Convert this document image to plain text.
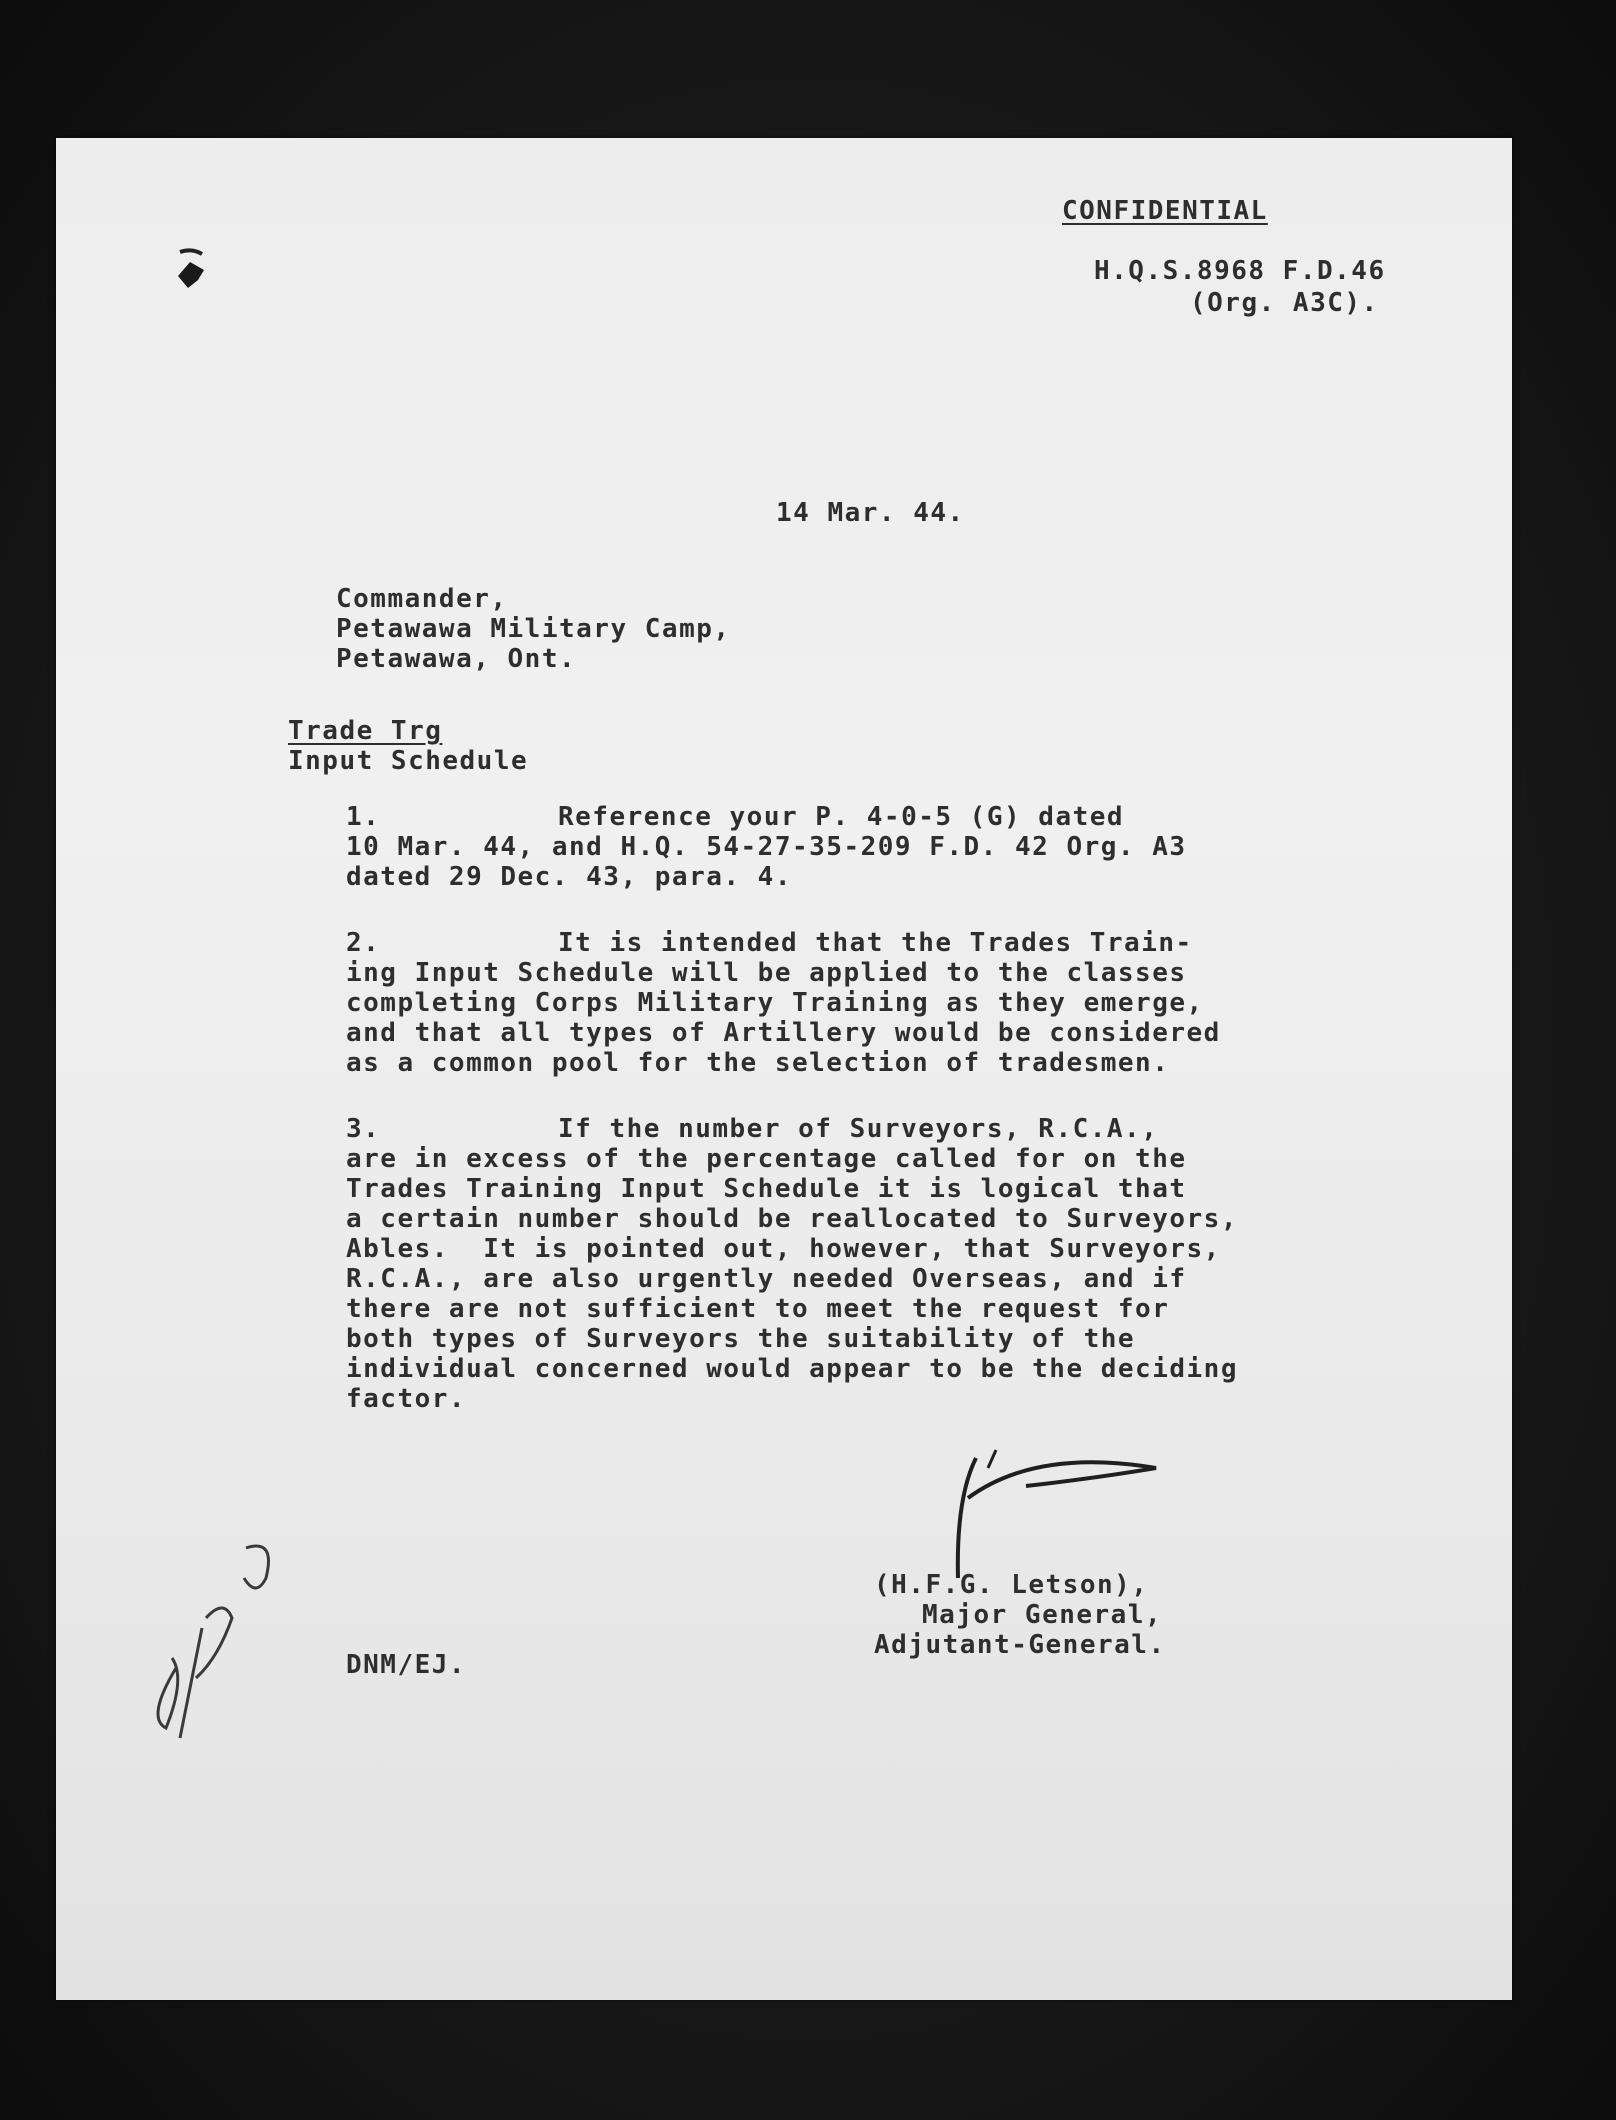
CONFIDENTIAL
H.Q.S.8968 F.D.46
(Org. A3C).
14 Mar. 44.
Commander,
Petawawa Military Camp,
Petawawa, Ont.
Trade Trg
Input Schedule
1.	Reference your P. 4-0-5 (G) dated
10 Mar. 44, and H.Q. 54-27-35-209 F.D. 42 Org. A3
dated 29 Dec. 43, para. 4.
2.	It is intended that the Trades Train-
ing Input Schedule will be applied to the classes
completing Corps Military Training as they emerge,
and that all types of Artillery would be considered
as a common pool for the selection of tradesmen.
3.	If the number of Surveyors, R.C.A.,
are in excess of the percentage called for on the
Trades Training Input Schedule it is logical that
a certain number should be reallocated to Surveyors,
Ables.  It is pointed out, however, that Surveyors,
R.C.A., are also urgently needed Overseas, and if
there are not sufficient to meet the request for
both types of Surveyors the suitability of the
individual concerned would appear to be the deciding
factor.
(H.F.G. Letson),
Major General,
Adjutant-General.
DNM/EJ.
